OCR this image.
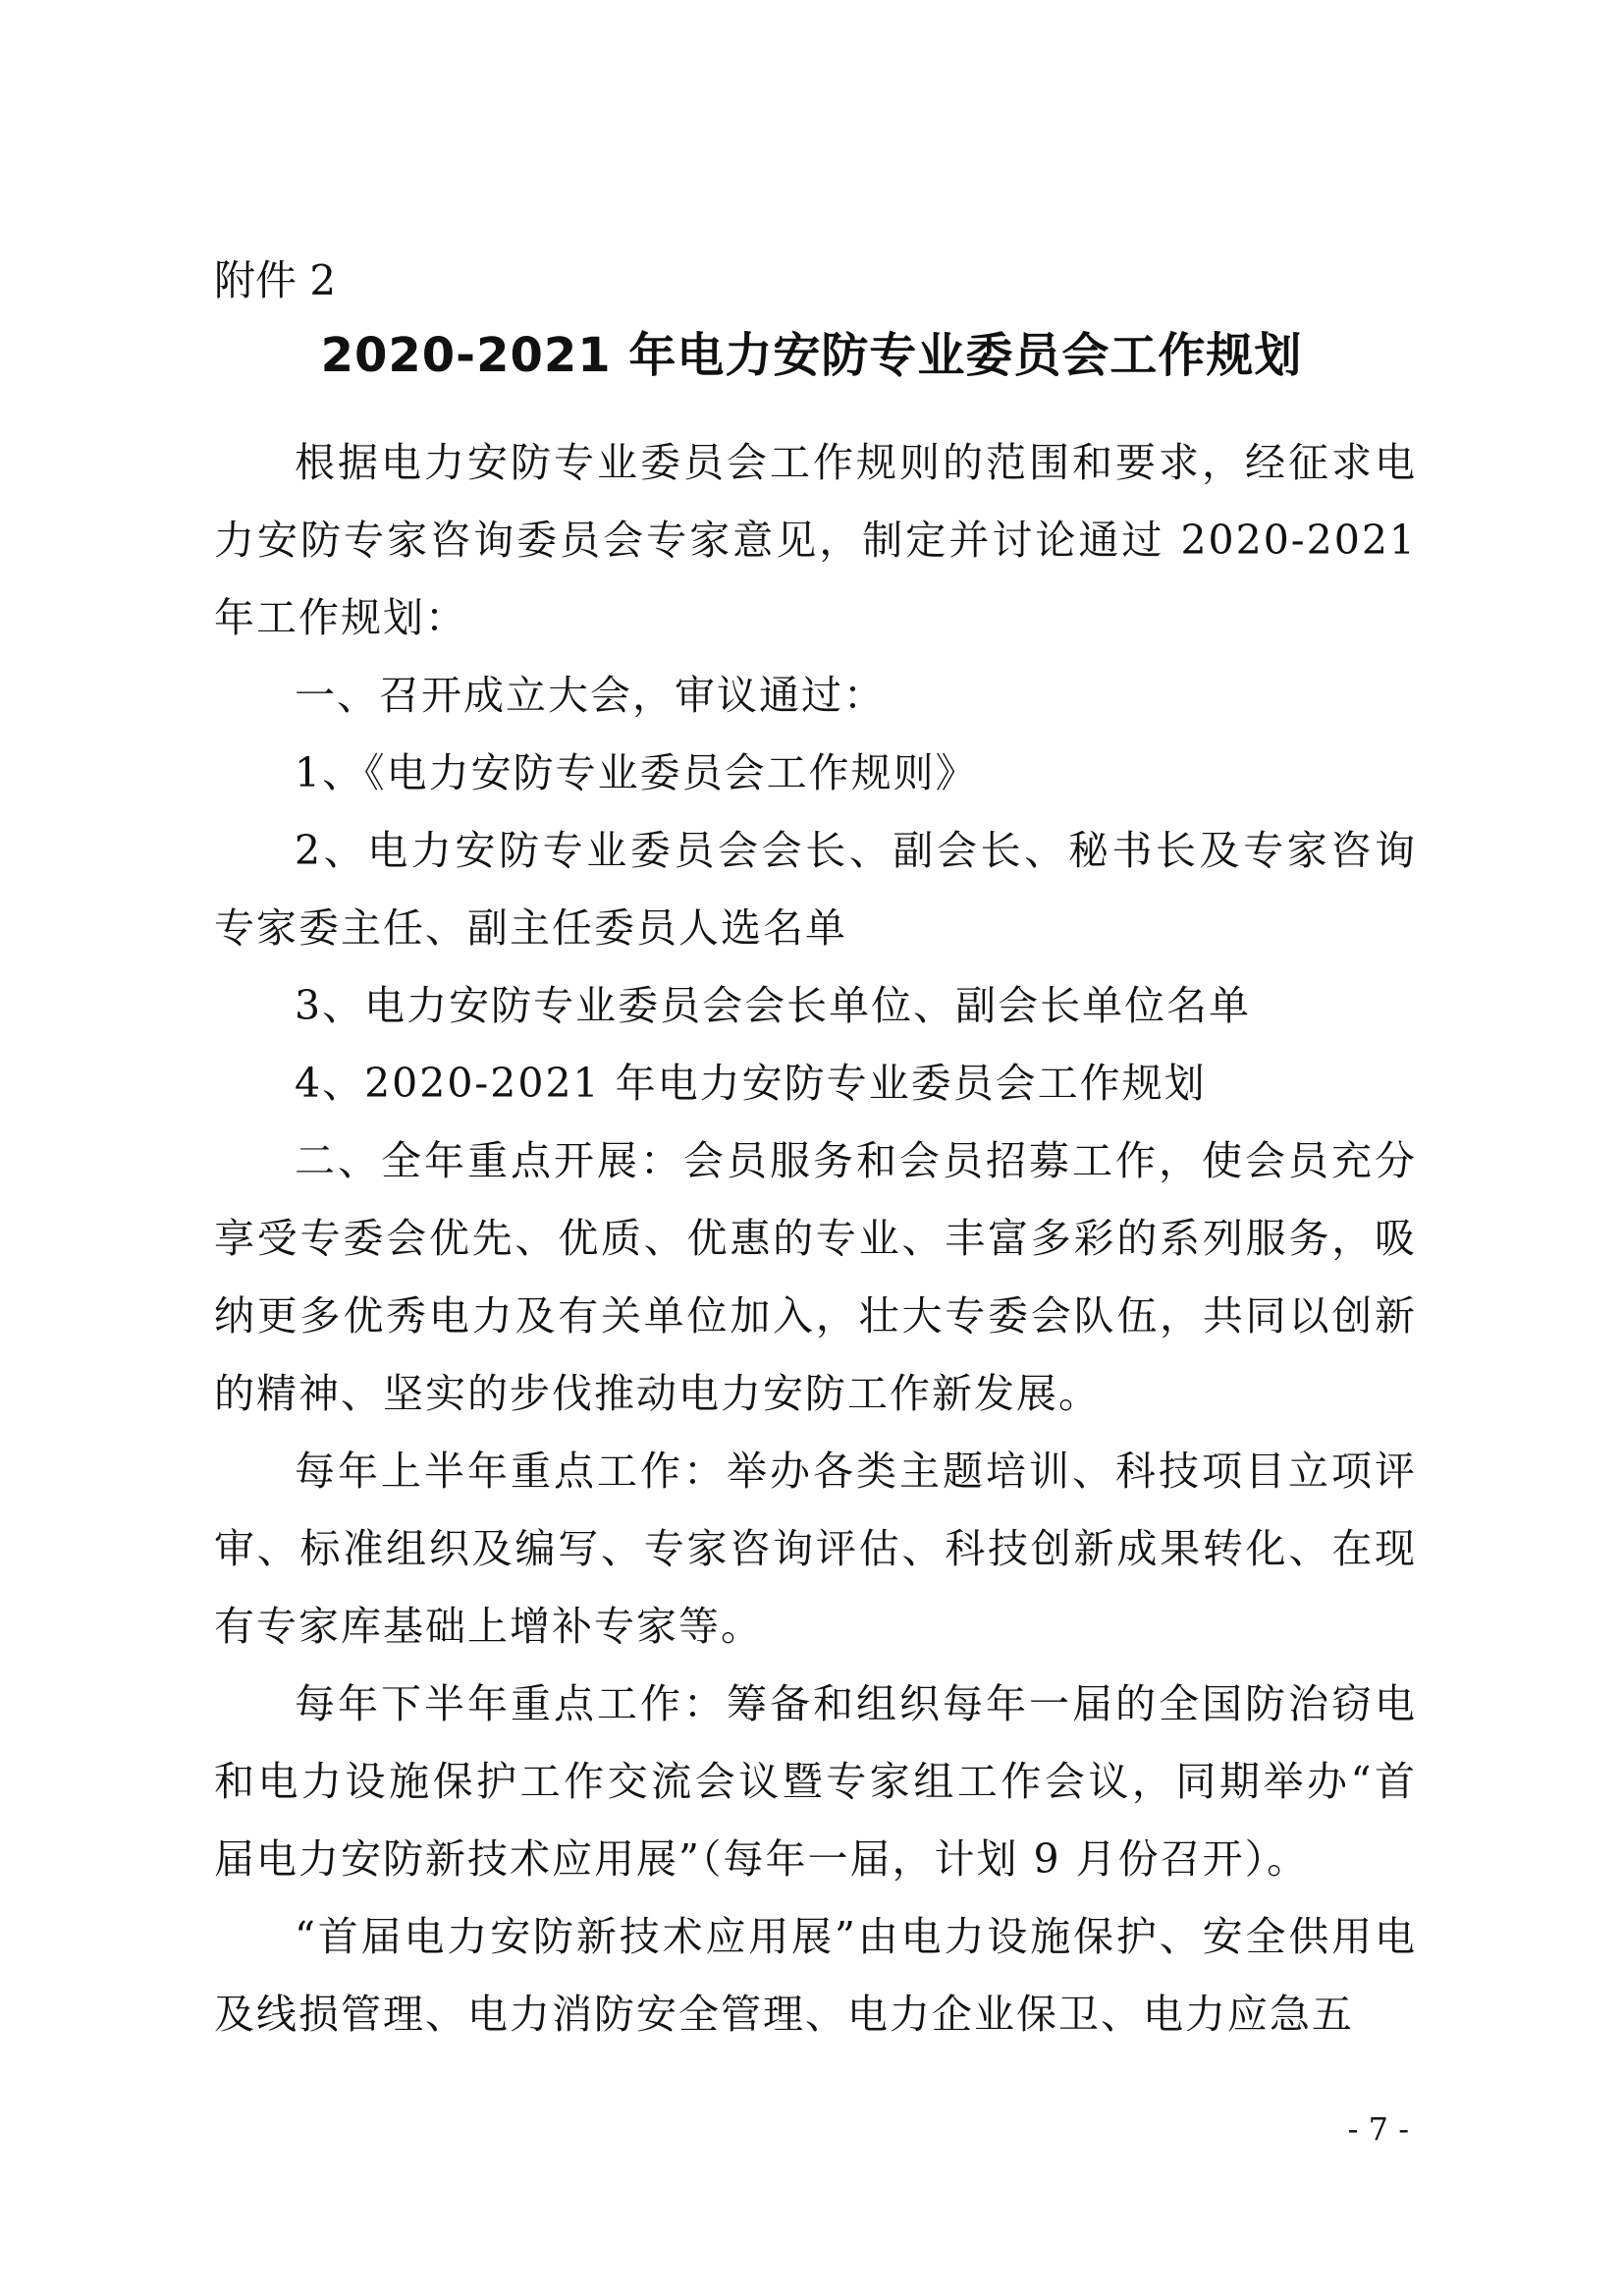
附件 2
2020-2021 年电力安防专业委员会工作规划

根据电力安防专业委员会工作规则的范围和要求，经征求电力安防专家咨询委员会专家意见，制定并讨论通过 2020-2021 年工作规划：

一、召开成立大会，审议通过：

1、《电力安防专业委员会工作规则》

2、电力安防专业委员会会长、副会长、秘书长及专家咨询专家委主任、副主任委员人选名单

3、电力安防专业委员会会长单位、副会长单位名单

4、2020-2021 年电力安防专业委员会工作规划

二、全年重点开展：会员服务和会员招募工作，使会员充分享受专委会优先、优质、优惠的专业、丰富多彩的系列服务，吸纳更多优秀电力及有关单位加入，壮大专委会队伍，共同以创新的精神、坚实的步伐推动电力安防工作新发展。

每年上半年重点工作：举办各类主题培训、科技项目立项评审、标准组织及编写、专家咨询评估、科技创新成果转化、在现有专家库基础上增补专家等。

每年下半年重点工作：筹备和组织每年一届的全国防治窃电和电力设施保护工作交流会议暨专家组工作会议，同期举办“首届电力安防新技术应用展”（每年一届，计划 9 月份召开）。

“首届电力安防新技术应用展”由电力设施保护、安全供用电及线损管理、电力消防安全管理、电力企业保卫、电力应急五

- 7 -
